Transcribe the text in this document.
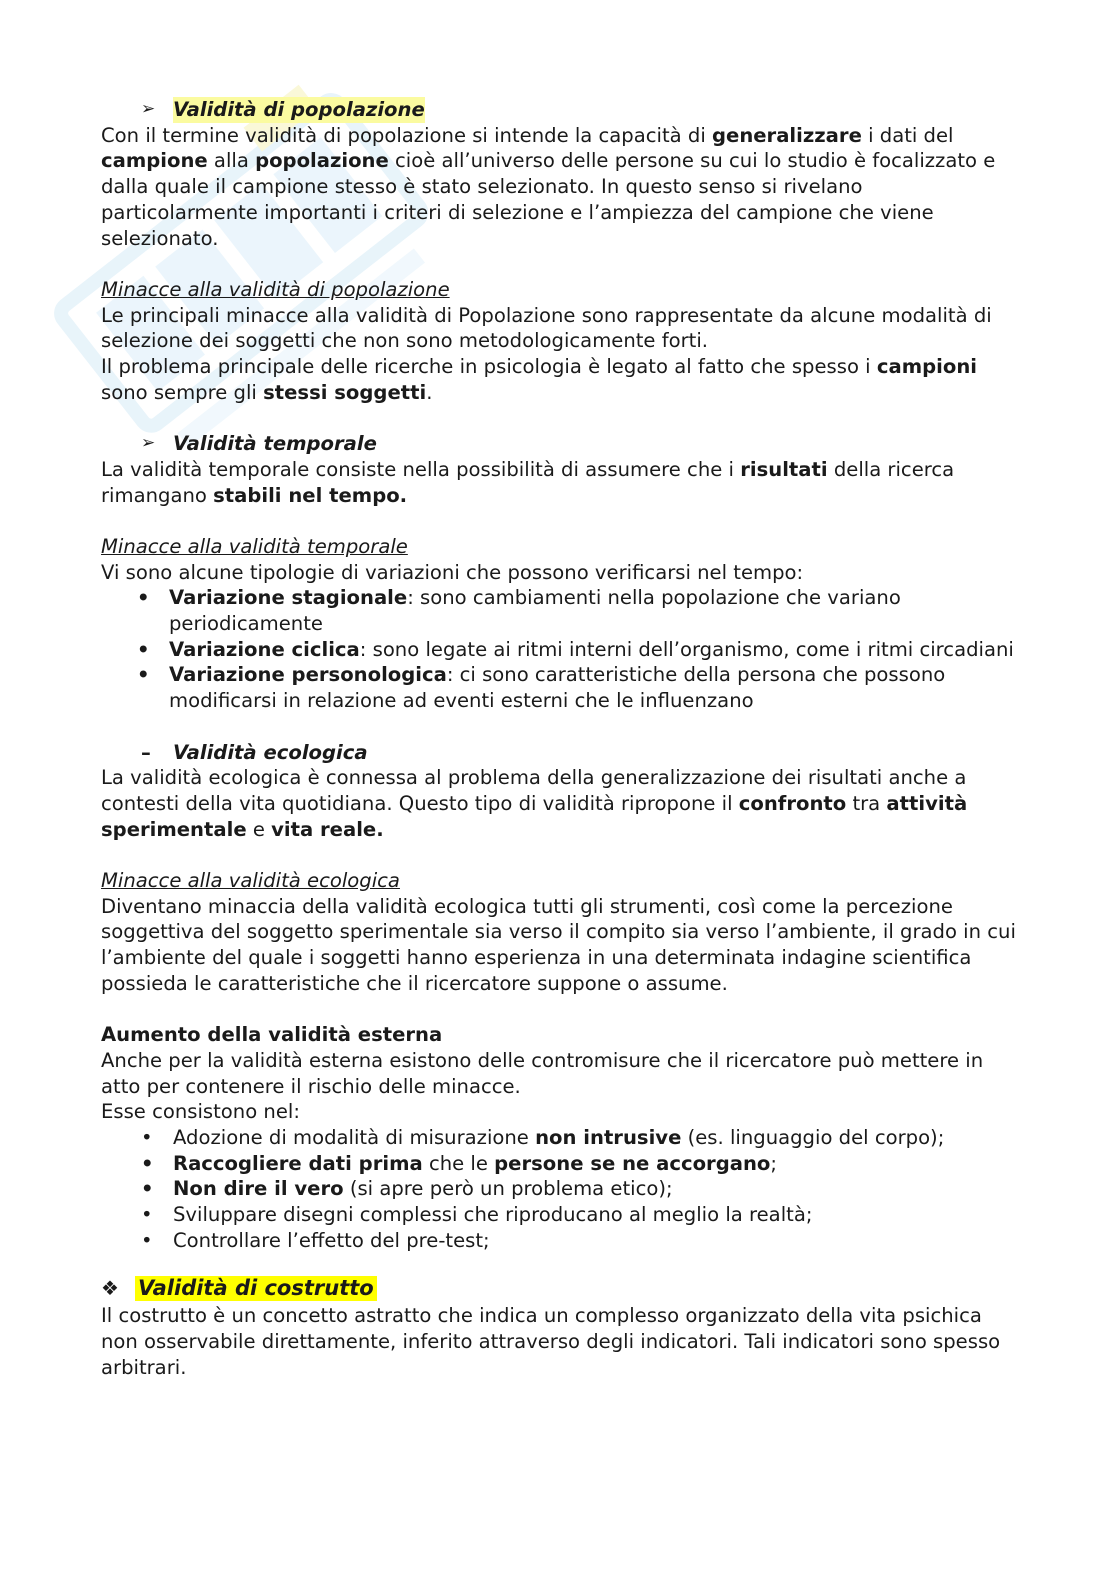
➢ Validità di popolazione

Con il termine validità di popolazione si intende la capacità di generalizzare i dati del campione alla popolazione cioè all’universo delle persone su cui lo studio è focalizzato e dalla quale il campione stesso è stato selezionato. In questo senso si rivelano particolarmente importanti i criteri di selezione e l’ampiezza del campione che viene selezionato.

Minacce alla validità di popolazione

Le principali minacce alla validità di Popolazione sono rappresentate da alcune modalità di selezione dei soggetti che non sono metodologicamente forti.

Il problema principale delle ricerche in psicologia è legato al fatto che spesso i campioni sono sempre gli stessi soggetti.

➢ Validità temporale

La validità temporale consiste nella possibilità di assumere che i risultati della ricerca rimangano stabili nel tempo.

Minacce alla validità temporale

Vi sono alcune tipologie di variazioni che possono verificarsi nel tempo:

• Variazione stagionale: sono cambiamenti nella popolazione che variano periodicamente
• Variazione ciclica: sono legate ai ritmi interni dell’organismo, come i ritmi circadiani
• Variazione personologica: ci sono caratteristiche della persona che possono modificarsi in relazione ad eventi esterni che le influenzano
–	Validità ecologica

La validità ecologica è connessa al problema della generalizzazione dei risultati anche a contesti della vita quotidiana. Questo tipo di validità ripropone il confronto tra attività sperimentale e vita reale.

Minacce alla validità ecologica

Diventano minaccia della validità ecologica tutti gli strumenti, così come la percezione soggettiva del soggetto sperimentale sia verso il compito sia verso l’ambiente, il grado in cui l’ambiente del quale i soggetti hanno esperienza in una determinata indagine scientifica possieda le caratteristiche che il ricercatore suppone o assume.

Aumento della validità esterna

Anche per la validità esterna esistono delle contromisure che il ricercatore può mettere in atto per contenere il rischio delle minacce.

Esse consistono nel:

• Adozione di modalità di misurazione non intrusive (es. linguaggio del corpo);
• Raccogliere dati prima che le persone se ne accorgano;
• Non dire il vero (si apre però un problema etico);
• Sviluppare disegni complessi che riproducano al meglio la realtà;
• Controllare l’effetto del pre-test;
❖ Validità di costrutto

Il costrutto è un concetto astratto che indica un complesso organizzato della vita psichica non osservabile direttamente, inferito attraverso degli indicatori. Tali indicatori sono spesso arbitrari.
